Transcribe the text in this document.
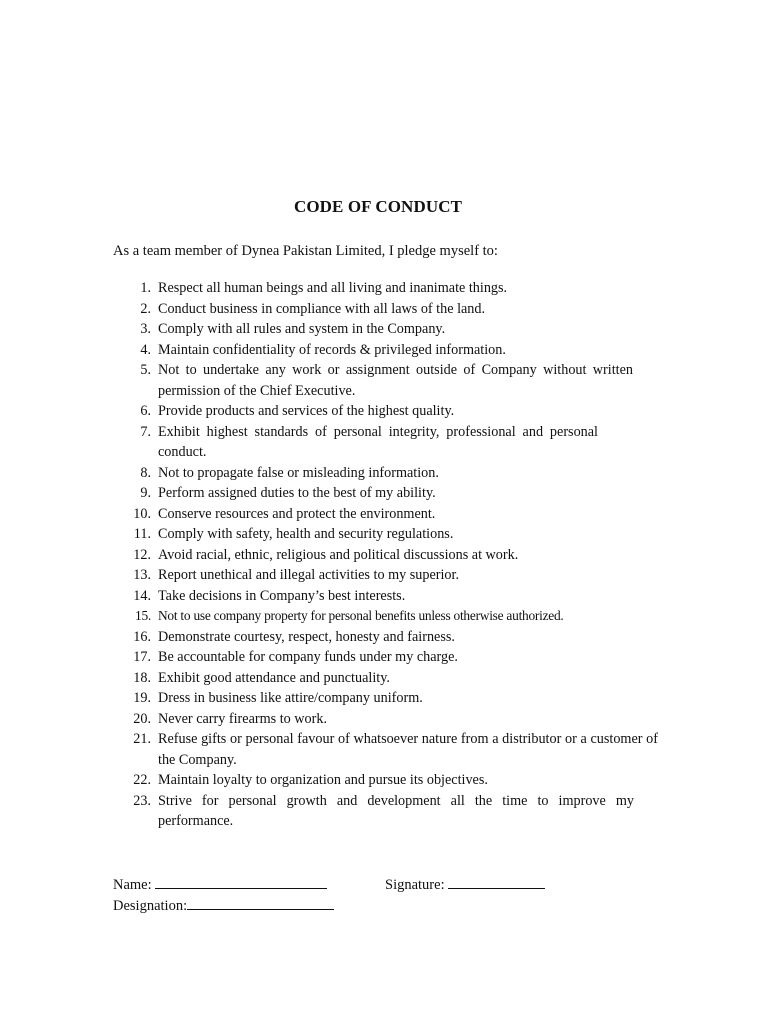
CODE OF CONDUCT
As a team member of Dynea Pakistan Limited, I pledge myself to:
1. Respect all human beings and all living and inanimate things.
2. Conduct business in compliance with all laws of the land.
3. Comply with all rules and system in the Company.
4. Maintain confidentiality of records & privileged information.
5. Not to undertake any work or assignment outside of Company without written permission of the Chief Executive.
6. Provide products and services of the highest quality.
7. Exhibit highest standards of personal integrity, professional and personal conduct.
8. Not to propagate false or misleading information.
9. Perform assigned duties to the best of my ability.
10. Conserve resources and protect the environment.
11. Comply with safety, health and security regulations.
12. Avoid racial, ethnic, religious and political discussions at work.
13. Report unethical and illegal activities to my superior.
14. Take decisions in Company’s best interests.
15. Not to use company property for personal benefits unless otherwise authorized.
16. Demonstrate courtesy, respect, honesty and fairness.
17. Be accountable for company funds under my charge.
18. Exhibit good attendance and punctuality.
19. Dress in business like attire/company uniform.
20. Never carry firearms to work.
21. Refuse gifts or personal favour of whatsoever nature from a distributor or a customer of the Company.
22. Maintain loyalty to organization and pursue its objectives.
23. Strive for personal growth and development all the time to improve my performance.
Name:
Designation:
Signature:
